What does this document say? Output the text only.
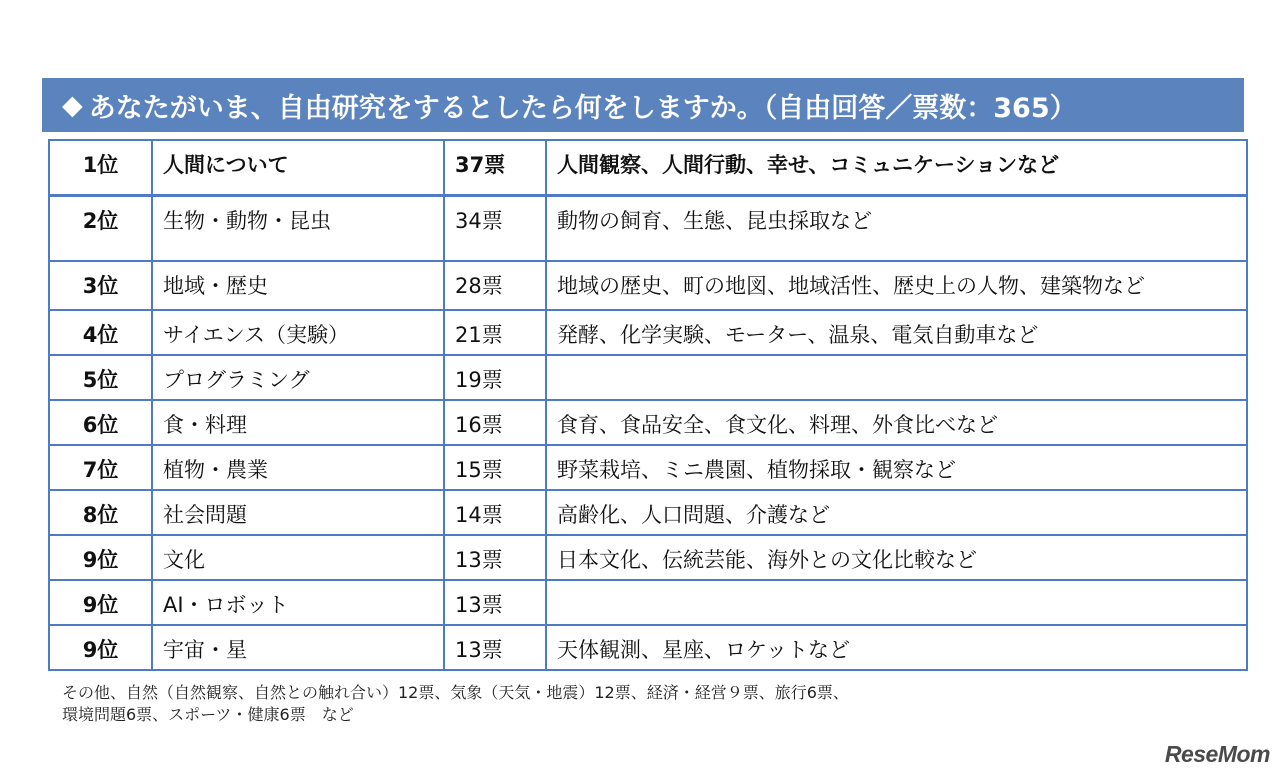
◆ あなたがいま、自由研究をするとしたら何をしますか。（自由回答／票数：365）
1位	人間について	37票	人間観察、人間行動、幸せ、コミュニケーションなど

2位	生物・動物・昆虫	34票	動物の飼育、生態、昆虫採取など

3位	地域・歴史	28票	地域の歴史、町の地図、地域活性、歴史上の人物、建築物など

4位	サイエンス（実験）	21票	発酵、化学実験、モーター、温泉、電気自動車など

5位	プログラミング	19票	

6位	食・料理	16票	食育、食品安全、食文化、料理、外食比べなど

7位	植物・農業	15票	野菜栽培、ミニ農園、植物採取・観察など

8位	社会問題	14票	高齢化、人口問題、介護など

9位	文化	13票	日本文化、伝統芸能、海外との文化比較など

9位	AI・ロボット	13票	

9位	宇宙・星	13票	天体観測、星座、ロケットなど
その他、自然（自然観察、自然との触れ合い）12票、気象（天気・地震）12票、経済・経営９票、旅行6票、
環境問題6票、スポーツ・健康6票　など
ReseMom
